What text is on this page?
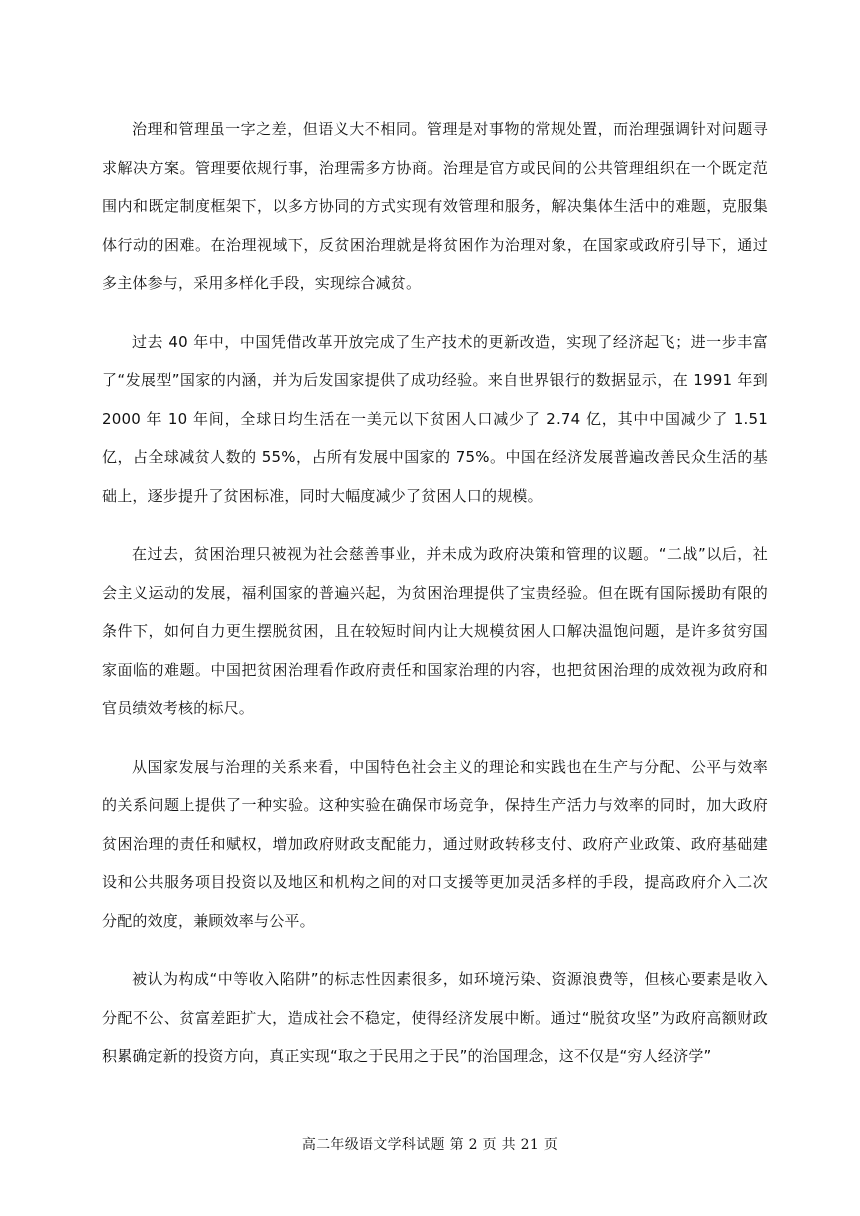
治理和管理虽一字之差，但语义大不相同。管理是对事物的常规处置，而治理强调针对问题寻求解决方案。管理要依规行事，治理需多方协商。治理是官方或民间的公共管理组织在一个既定范围内和既定制度框架下，以多方协同的方式实现有效管理和服务，解决集体生活中的难题，克服集体行动的困难。在治理视域下，反贫困治理就是将贫困作为治理对象，在国家或政府引导下，通过多主体参与，采用多样化手段，实现综合减贫。

过去 40 年中，中国凭借改革开放完成了生产技术的更新改造，实现了经济起飞；进一步丰富了“发展型”国家的内涵，并为后发国家提供了成功经验。来自世界银行的数据显示，在 1991 年到 2000 年 10 年间，全球日均生活在一美元以下贫困人口减少了 2.74 亿，其中中国减少了 1.51 亿，占全球减贫人数的 55%，占所有发展中国家的 75%。中国在经济发展普遍改善民众生活的基础上，逐步提升了贫困标准，同时大幅度减少了贫困人口的规模。

在过去，贫困治理只被视为社会慈善事业，并未成为政府决策和管理的议题。“二战”以后，社会主义运动的发展，福利国家的普遍兴起，为贫困治理提供了宝贵经验。但在既有国际援助有限的条件下，如何自力更生摆脱贫困，且在较短时间内让大规模贫困人口解决温饱问题，是许多贫穷国家面临的难题。中国把贫困治理看作政府责任和国家治理的内容，也把贫困治理的成效视为政府和官员绩效考核的标尺。

从国家发展与治理的关系来看，中国特色社会主义的理论和实践也在生产与分配、公平与效率的关系问题上提供了一种实验。这种实验在确保市场竞争，保持生产活力与效率的同时，加大政府贫困治理的责任和赋权，增加政府财政支配能力，通过财政转移支付、政府产业政策、政府基础建设和公共服务项目投资以及地区和机构之间的对口支援等更加灵活多样的手段，提高政府介入二次分配的效度，兼顾效率与公平。

被认为构成“中等收入陷阱”的标志性因素很多，如环境污染、资源浪费等，但核心要素是收入分配不公、贫富差距扩大，造成社会不稳定，使得经济发展中断。通过“脱贫攻坚”为政府高额财政积累确定新的投资方向，真正实现“取之于民用之于民”的治国理念，这不仅是“穷人经济学”

高二年级语文学科试题 第 2 页 共 21 页
